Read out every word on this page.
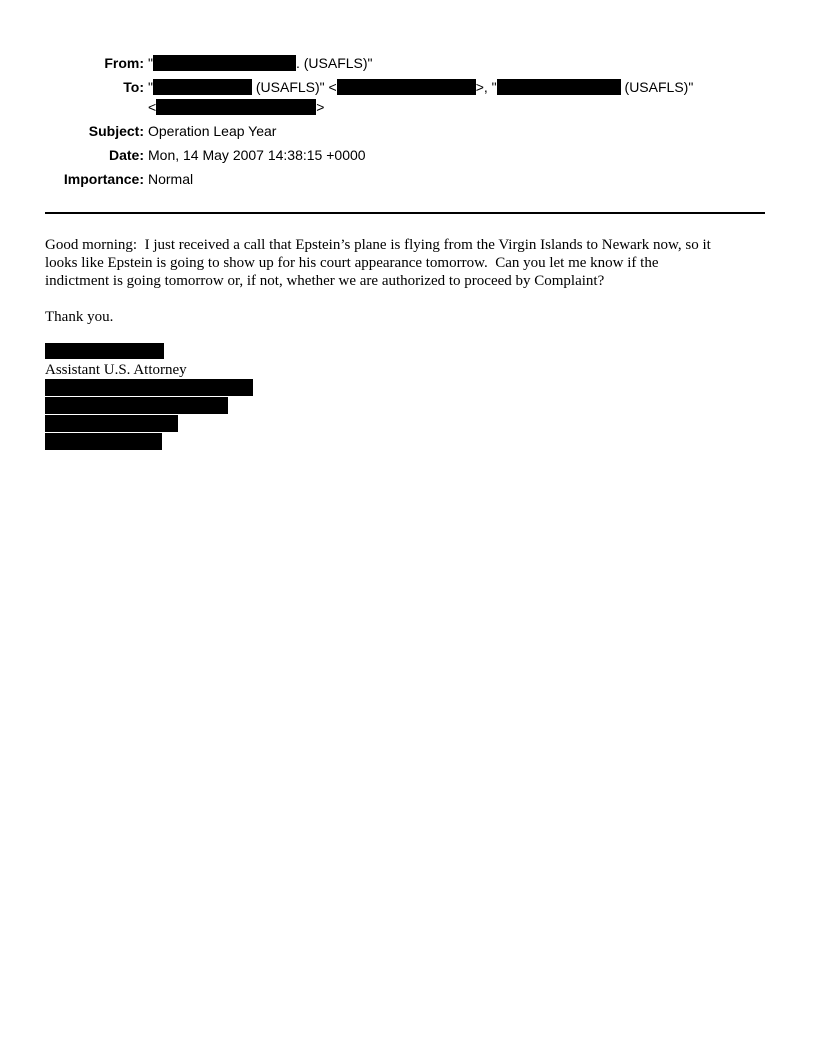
From: "	. (USAFLS)"
To: "	(USAFLS)" <	>, "	(USAFLS)"
<	>
Subject: Operation Leap Year
Date: Mon, 14 May 2007 14:38:15 +0000
Importance: Normal
Good morning:  I just received a call that Epstein’s plane is flying from the Virgin Islands to Newark now, so it
looks like Epstein is going to show up for his court appearance tomorrow.  Can you let me know if the
indictment is going tomorrow or, if not, whether we are authorized to proceed by Complaint?
Thank you.
Assistant U.S. Attorney
